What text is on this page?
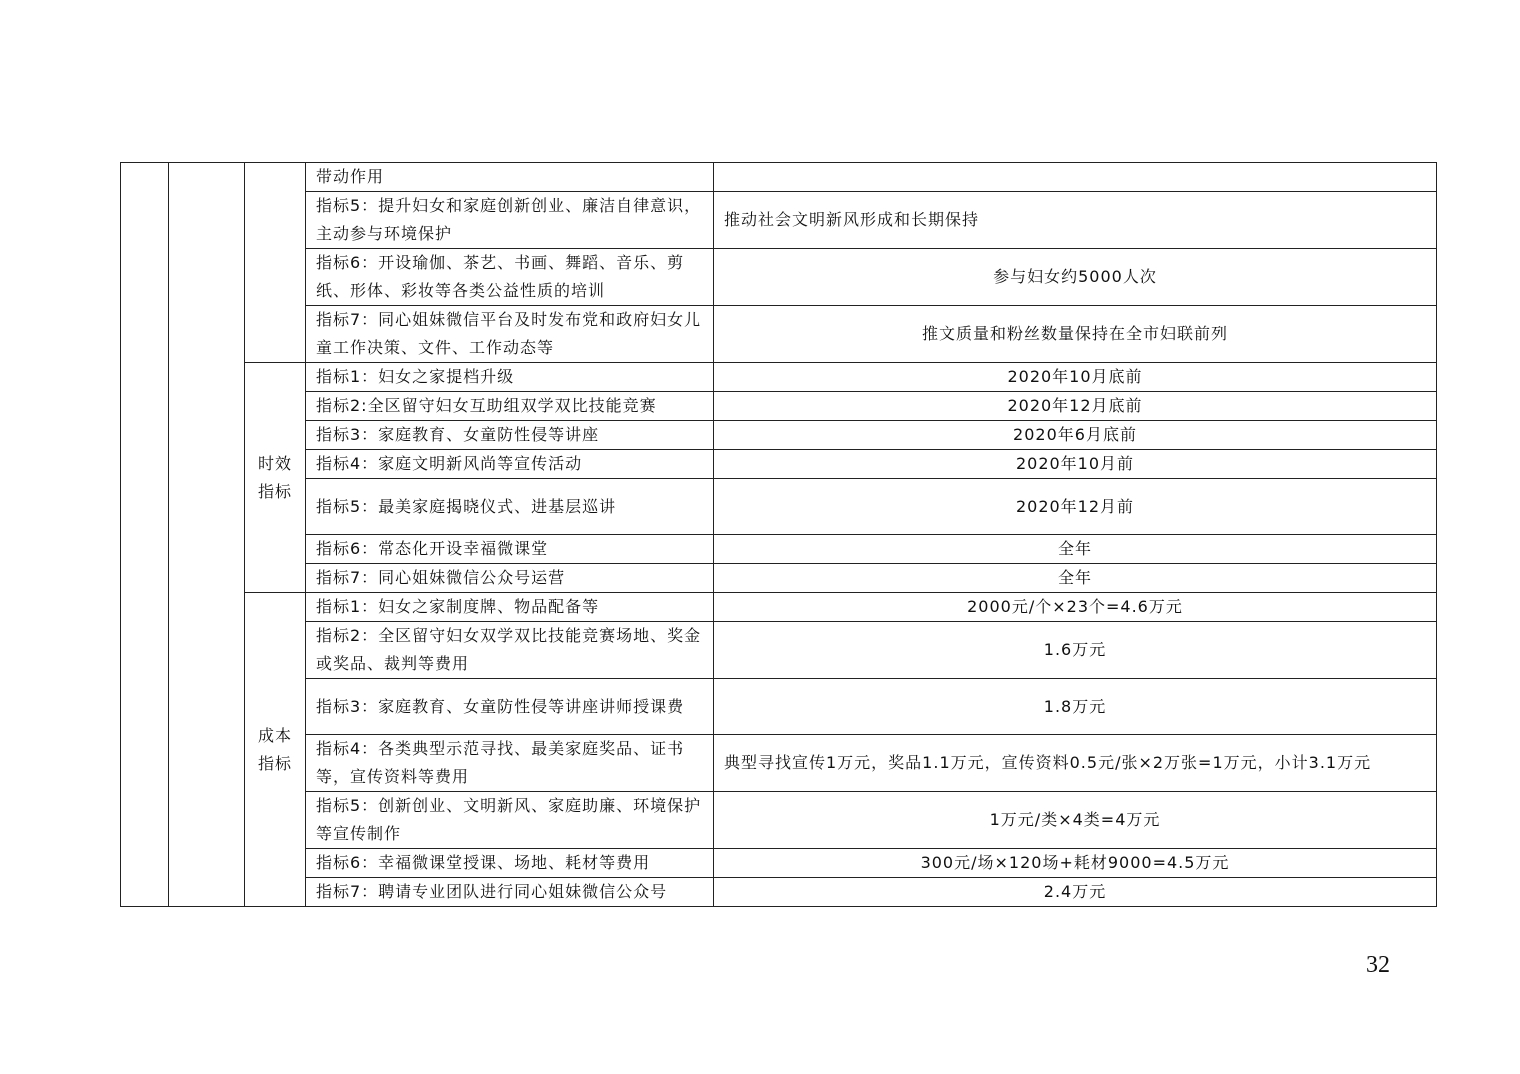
			带动作用	
			指标5：提升妇女和家庭创新创业、廉洁自律意识，主动参与环境保护	推动社会文明新风形成和长期保持
			指标6：开设瑜伽、茶艺、书画、舞蹈、音乐、剪纸、形体、彩妆等各类公益性质的培训	参与妇女约5000人次
			指标7：同心姐妹微信平台及时发布党和政府妇女儿童工作决策、文件、工作动态等	推文质量和粉丝数量保持在全市妇联前列

		时效指标	指标1：妇女之家提档升级	2020年10月底前
			指标2:全区留守妇女互助组双学双比技能竞赛	2020年12月底前
			指标3：家庭教育、女童防性侵等讲座	2020年6月底前
			指标4：家庭文明新风尚等宣传活动	2020年10月前
			指标5：最美家庭揭晓仪式、进基层巡讲	2020年12月前
			指标6：常态化开设幸福微课堂	全年
			指标7：同心姐妹微信公众号运营	全年

		成本指标	指标1：妇女之家制度牌、物品配备等	2000元/个×23个=4.6万元
			指标2：全区留守妇女双学双比技能竞赛场地、奖金或奖品、裁判等费用	1.6万元
			指标3：家庭教育、女童防性侵等讲座讲师授课费	1.8万元
			指标4：各类典型示范寻找、最美家庭奖品、证书等，宣传资料等费用	典型寻找宣传1万元，奖品1.1万元，宣传资料0.5元/张×2万张=1万元，小计3.1万元
			指标5：创新创业、文明新风、家庭助廉、环境保护等宣传制作	1万元/类×4类=4万元
			指标6：幸福微课堂授课、场地、耗材等费用	300元/场×120场+耗材9000=4.5万元
			指标7：聘请专业团队进行同心姐妹微信公众号	2.4万元
32
